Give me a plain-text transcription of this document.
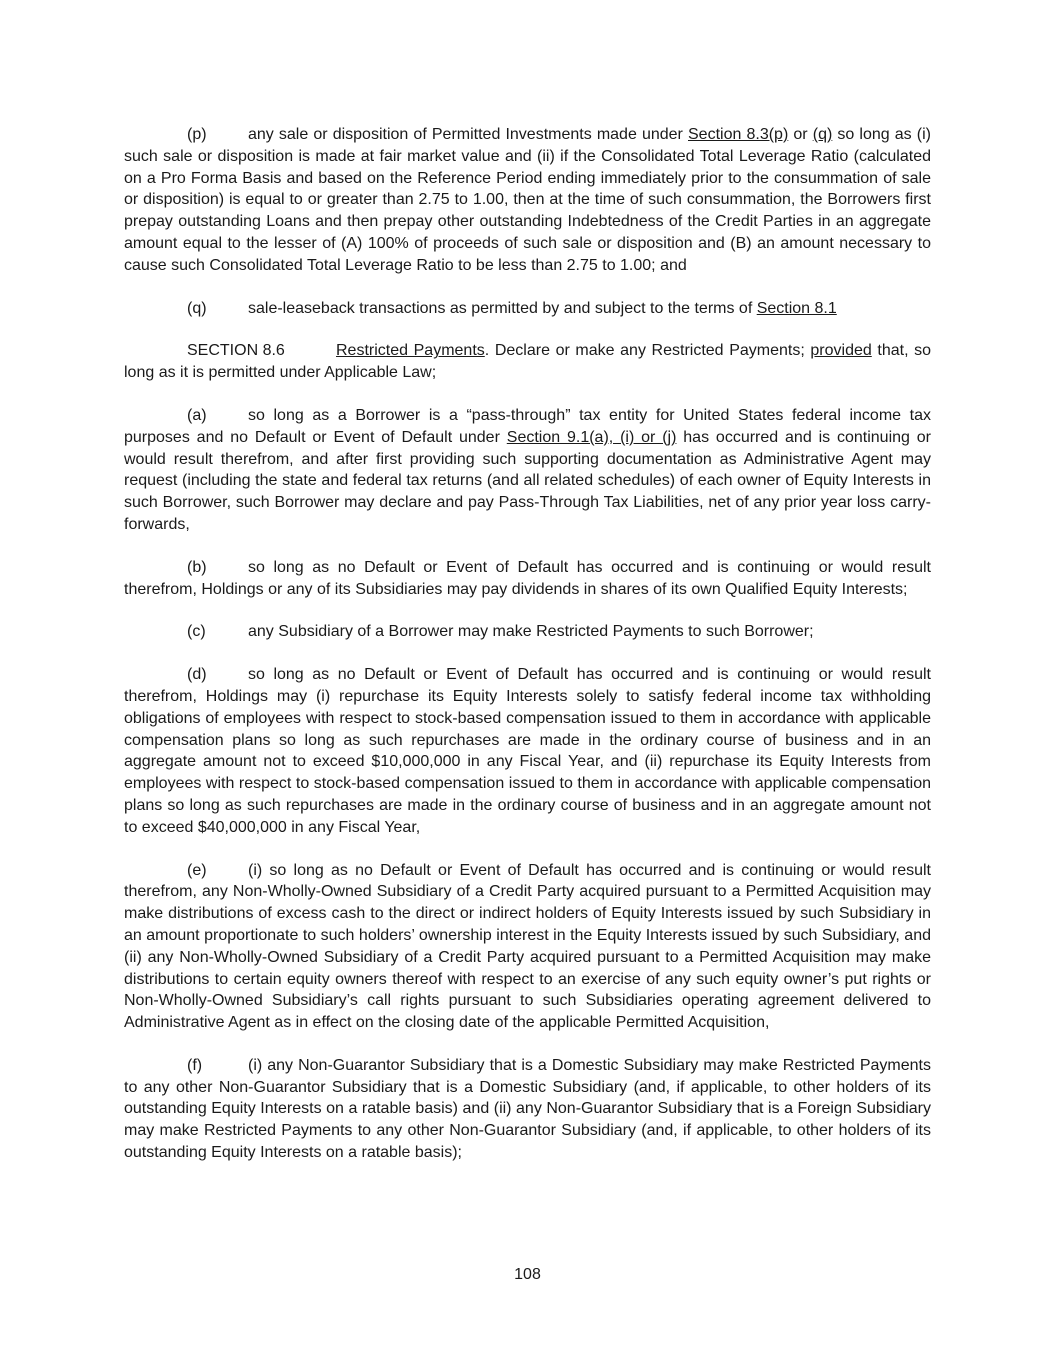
(p)	any sale or disposition of Permitted Investments made under Section 8.3(p) or (q) so long as (i) such sale or disposition is made at fair market value and (ii) if the Consolidated Total Leverage Ratio (calculated on a Pro Forma Basis and based on the Reference Period ending immediately prior to the consummation of sale or disposition) is equal to or greater than 2.75 to 1.00, then at the time of such consummation, the Borrowers first prepay outstanding Loans and then prepay other outstanding Indebtedness of the Credit Parties in an aggregate amount equal to the lesser of (A) 100% of proceeds of such sale or disposition and (B) an amount necessary to cause such Consolidated Total Leverage Ratio to be less than 2.75 to 1.00; and

(q)	sale-leaseback transactions as permitted by and subject to the terms of Section 8.1

SECTION 8.6	Restricted Payments. Declare or make any Restricted Payments; provided that, so long as it is permitted under Applicable Law;

(a)	so long as a Borrower is a “pass-through” tax entity for United States federal income tax purposes and no Default or Event of Default under Section 9.1(a), (i) or (j) has occurred and is continuing or would result therefrom, and after first providing such supporting documentation as Administrative Agent may request (including the state and federal tax returns (and all related schedules) of each owner of Equity Interests in such Borrower, such Borrower may declare and pay Pass-Through Tax Liabilities, net of any prior year loss carry-forwards,

(b)	so long as no Default or Event of Default has occurred and is continuing or would result therefrom, Holdings or any of its Subsidiaries may pay dividends in shares of its own Qualified Equity Interests;

(c)	any Subsidiary of a Borrower may make Restricted Payments to such Borrower;

(d)	so long as no Default or Event of Default has occurred and is continuing or would result therefrom, Holdings may (i) repurchase its Equity Interests solely to satisfy federal income tax withholding obligations of employees with respect to stock-based compensation issued to them in accordance with applicable compensation plans so long as such repurchases are made in the ordinary course of business and in an aggregate amount not to exceed $10,000,000 in any Fiscal Year, and (ii) repurchase its Equity Interests from employees with respect to stock-based compensation issued to them in accordance with applicable compensation plans so long as such repurchases are made in the ordinary course of business and in an aggregate amount not to exceed $40,000,000 in any Fiscal Year,

(e)	(i) so long as no Default or Event of Default has occurred and is continuing or would result therefrom, any Non-Wholly-Owned Subsidiary of a Credit Party acquired pursuant to a Permitted Acquisition may make distributions of excess cash to the direct or indirect holders of Equity Interests issued by such Subsidiary in an amount proportionate to such holders’ ownership interest in the Equity Interests issued by such Subsidiary, and (ii) any Non-Wholly-Owned Subsidiary of a Credit Party acquired pursuant to a Permitted Acquisition may make distributions to certain equity owners thereof with respect to an exercise of any such equity owner’s put rights or Non-Wholly-Owned Subsidiary’s call rights pursuant to such Subsidiaries operating agreement delivered to Administrative Agent as in effect on the closing date of the applicable Permitted Acquisition,

(f)	(i) any Non-Guarantor Subsidiary that is a Domestic Subsidiary may make Restricted Payments to any other Non-Guarantor Subsidiary that is a Domestic Subsidiary (and, if applicable, to other holders of its outstanding Equity Interests on a ratable basis) and (ii) any Non-Guarantor Subsidiary that is a Foreign Subsidiary may make Restricted Payments to any other Non-Guarantor Subsidiary (and, if applicable, to other holders of its outstanding Equity Interests on a ratable basis);

108
